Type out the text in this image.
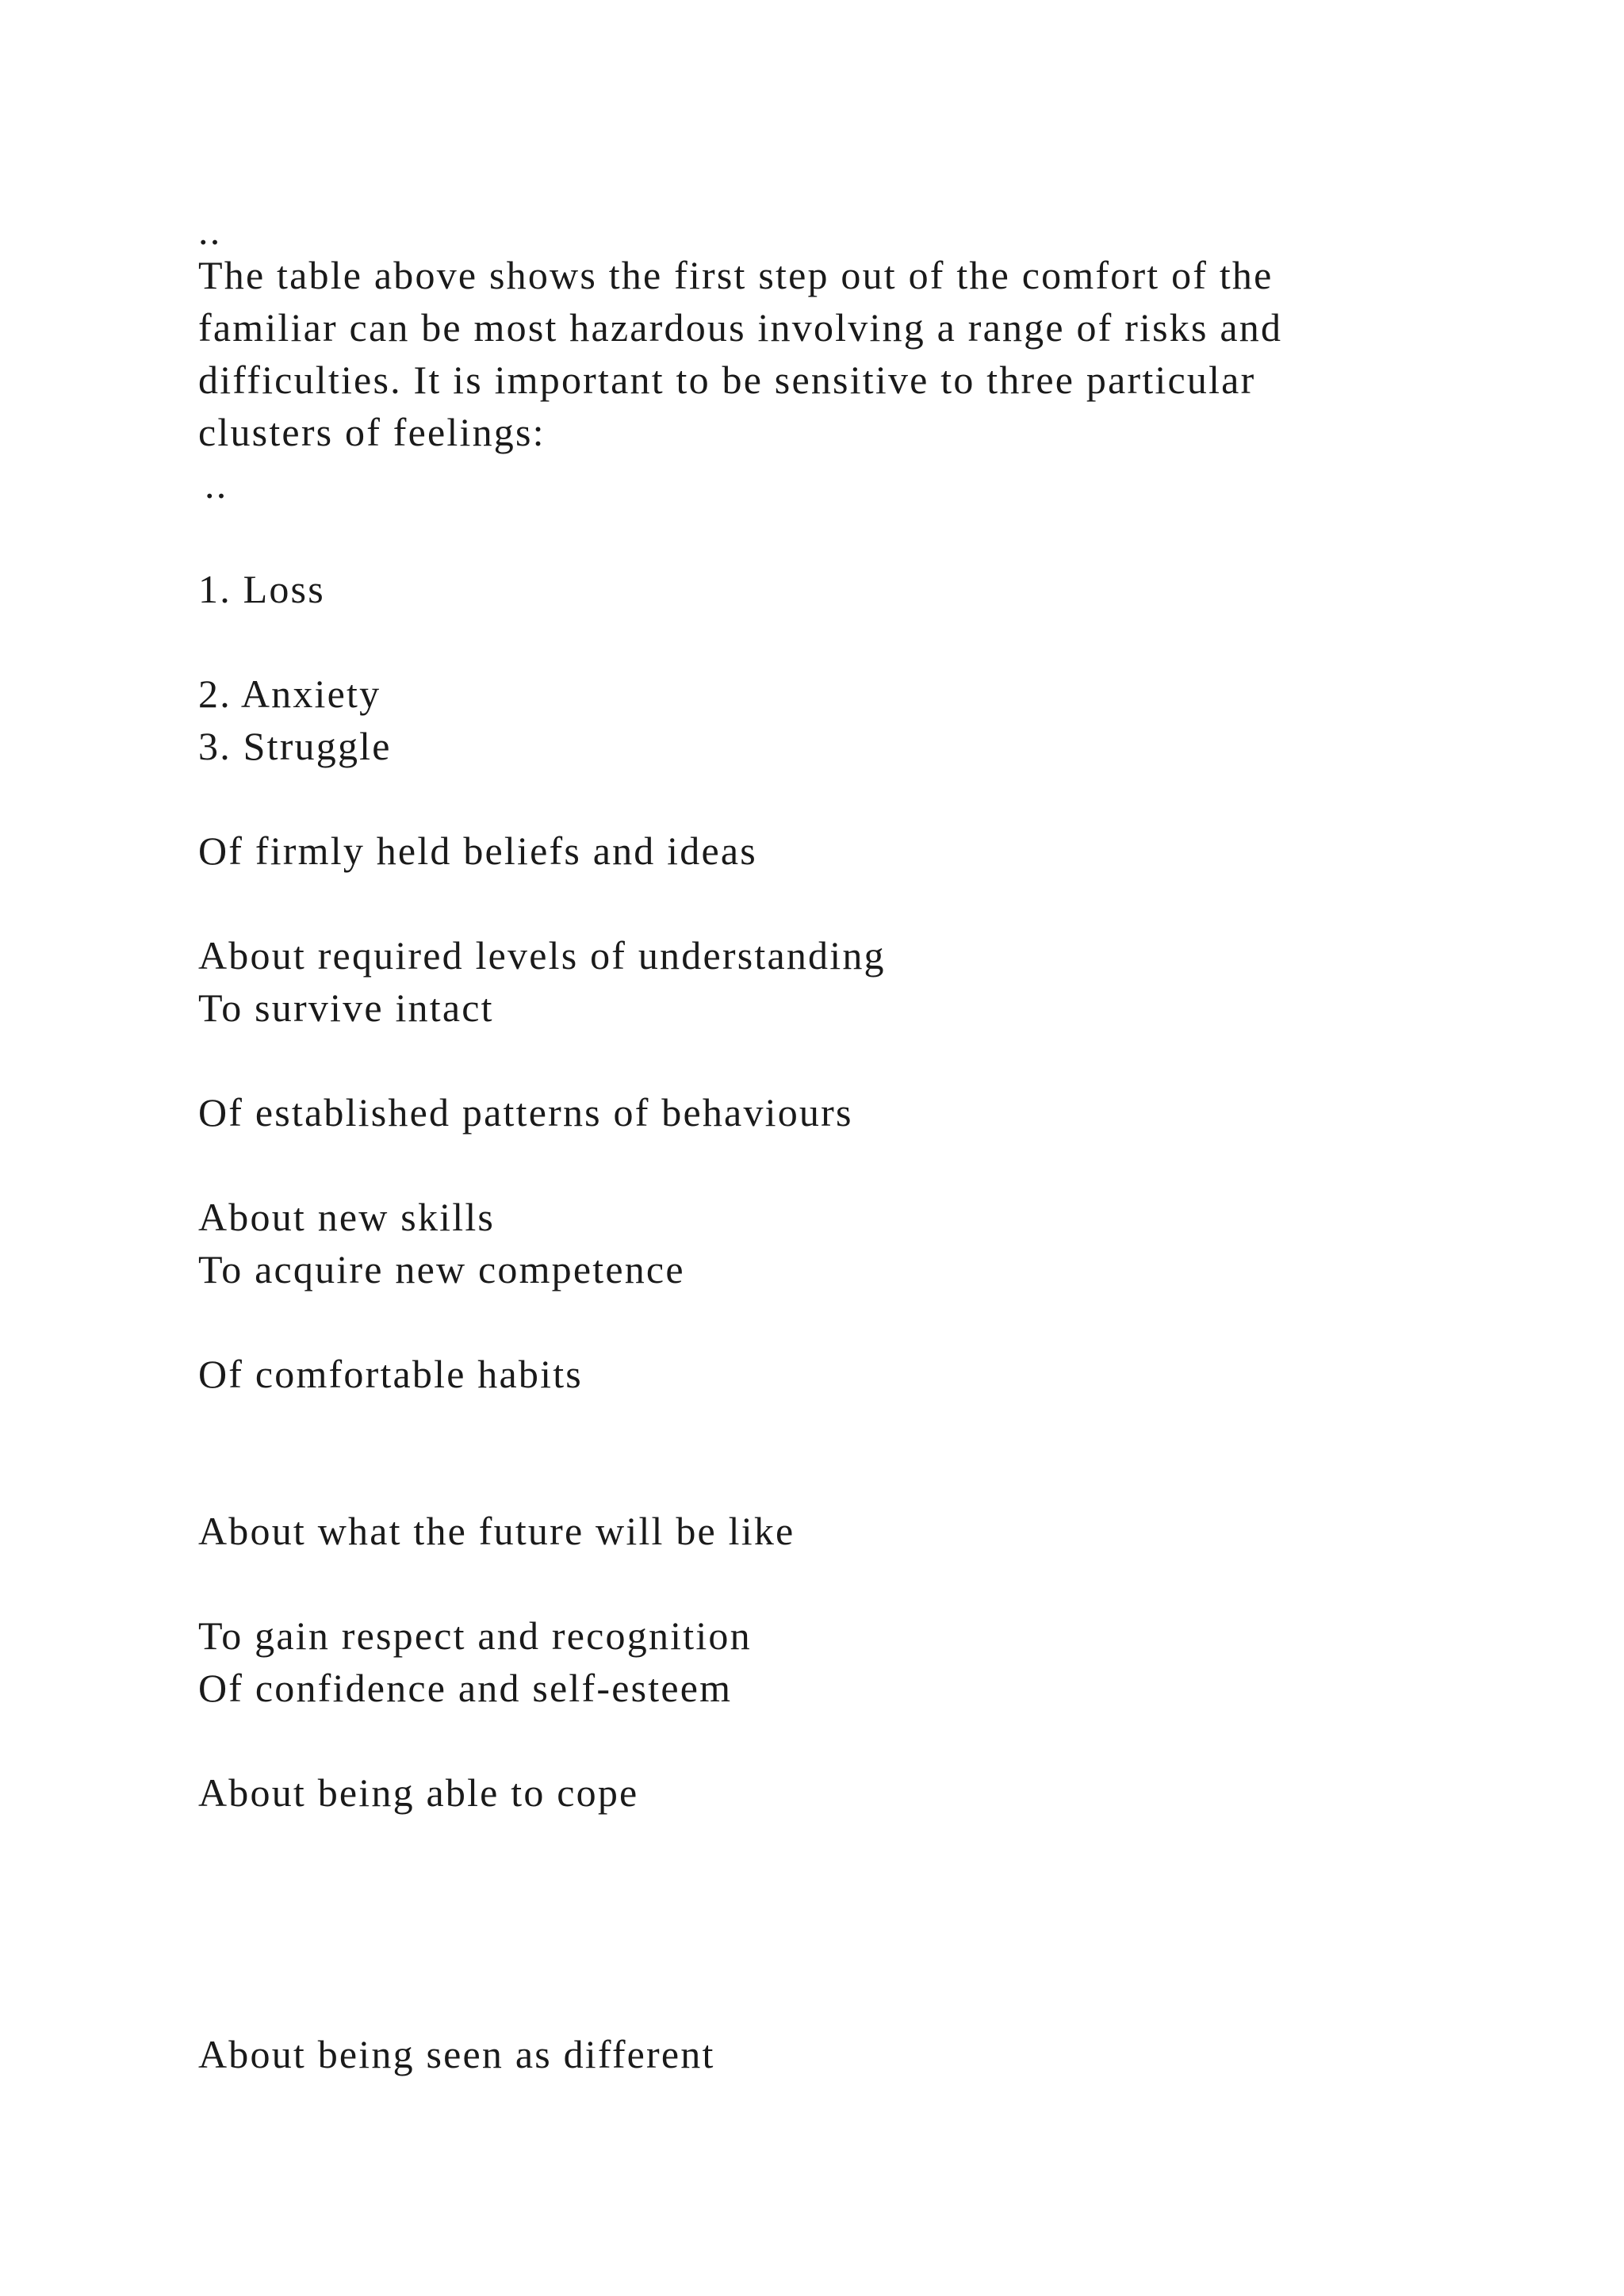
..
The table above shows the first step out of the comfort of the
familiar can be most hazardous involving a range of risks and
difficulties. It is important to be sensitive to three particular
clusters of feelings:
..
1. Loss
2. Anxiety
3. Struggle
Of firmly held beliefs and ideas
About required levels of understanding
To survive intact
Of established patterns of behaviours
About new skills
To acquire new competence
Of comfortable habits
About what the future will be like
To gain respect and recognition
Of confidence and self-esteem
About being able to cope
About being seen as different
